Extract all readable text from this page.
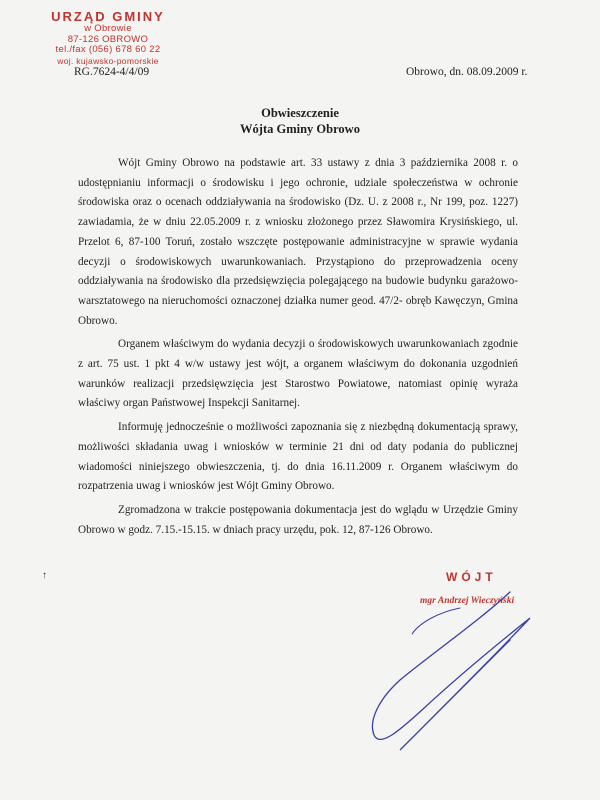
URZĄD GMINY
w Obrowie
87-126 OBROWO
tel./fax (056) 678 60 22
woj. kujawsko-pomorskie
RG.7624-4/4/09	Obrowo, dn. 08.09.2009 r.
Obwieszczenie
Wójta Gminy Obrowo

Wójt Gminy Obrowo na podstawie art. 33 ustawy z dnia 3 października 2008 r. o udostępnianiu informacji o środowisku i jego ochronie, udziale społeczeństwa w ochronie środowiska oraz o ocenach oddziaływania na środowisko (Dz. U. z 2008 r., Nr 199, poz. 1227) zawiadamia, że w dniu 22.05.2009 r. z wniosku złożonego przez Sławomira Krysińskiego, ul. Przelot 6, 87-100 Toruń, zostało wszczęte postępowanie administracyjne w sprawie wydania decyzji o środowiskowych uwarunkowaniach. Przystąpiono do przeprowadzenia oceny oddziaływania na środowisko dla przedsięwzięcia polegającego na budowie budynku garażowo-warsztatowego na nieruchomości oznaczonej działka numer geod. 47/2- obręb Kawęczyn, Gmina Obrowo.

Organem właściwym do wydania decyzji o środowiskowych uwarunkowaniach zgodnie z art. 75 ust. 1 pkt 4 w/w ustawy jest wójt, a organem właściwym do dokonania uzgodnień warunków realizacji przedsięwzięcia jest Starostwo Powiatowe, natomiast opinię wyraża właściwy organ Państwowej Inspekcji Sanitarnej.

Informuję jednocześnie o możliwości zapoznania się z niezbędną dokumentacją sprawy, możliwości składania uwag i wniosków w terminie 21 dni od daty podania do publicznej wiadomości niniejszego obwieszczenia, tj. do dnia 16.11.2009 r. Organem właściwym do rozpatrzenia uwag i wniosków jest Wójt Gminy Obrowo.

Zgromadzona w trakcie postępowania dokumentacja jest do wglądu w Urzędzie Gminy Obrowo w godz. 7.15.-15.15. w dniach pracy urzędu, pok. 12, 87-126 Obrowo.

↑	WÓJT
mgr Andrzej Wieczyński
